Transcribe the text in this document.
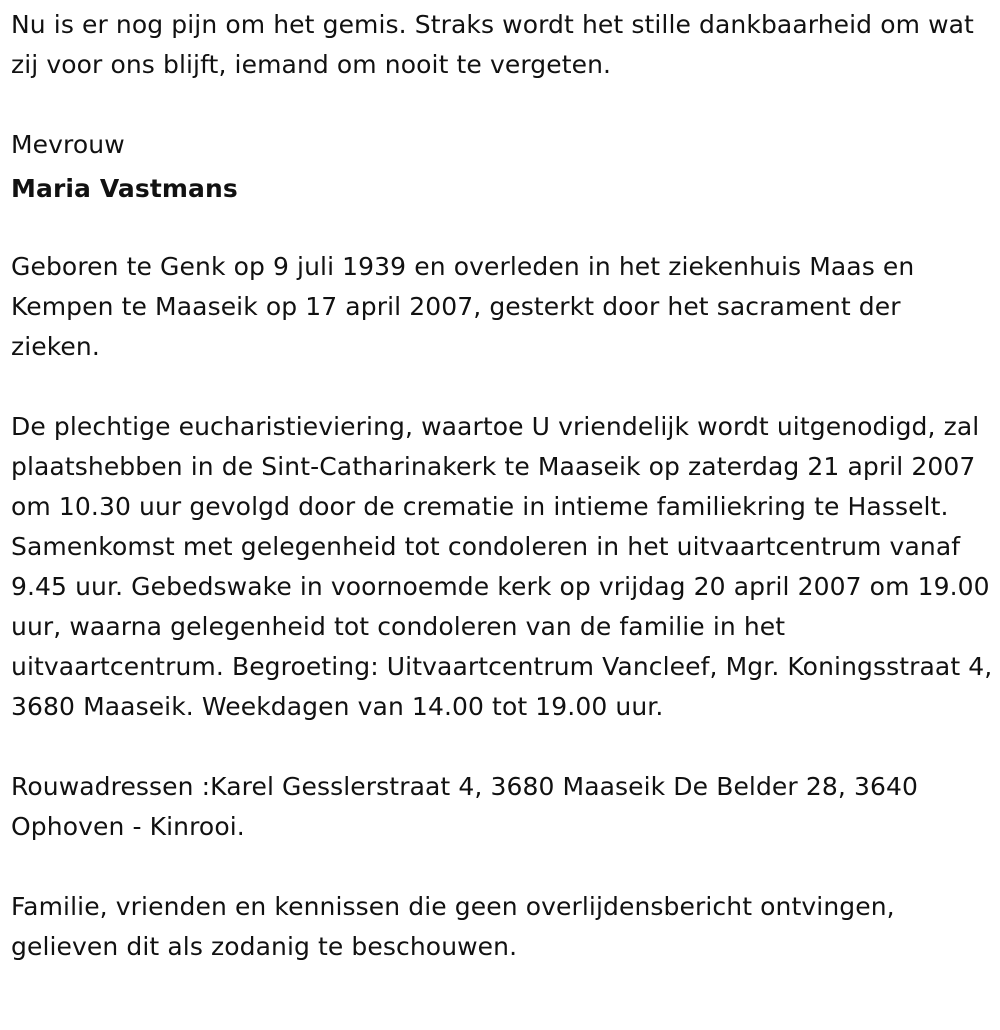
Nu is er nog pijn om het gemis. Straks wordt het stille dankbaarheid om wat zij voor ons blijft, iemand om nooit te vergeten.

Mevrouw

Maria Vastmans

Geboren te Genk op 9 juli 1939 en overleden in het ziekenhuis Maas en Kempen te Maaseik op 17 april 2007, gesterkt door het sacrament der zieken.

De plechtige eucharistieviering, waartoe U vriendelijk wordt uitgenodigd, zal plaatshebben in de Sint-Catharinakerk te Maaseik op zaterdag 21 april 2007 om 10.30 uur gevolgd door de crematie in intieme familiekring te Hasselt. Samenkomst met gelegenheid tot condoleren in het uitvaartcentrum vanaf 9.45 uur. Gebedswake in voornoemde kerk op vrijdag 20 april 2007 om 19.00 uur, waarna gelegenheid tot condoleren van de familie in het uitvaartcentrum. Begroeting: Uitvaartcentrum Vancleef, Mgr. Koningsstraat 4, 3680 Maaseik. Weekdagen van 14.00 tot 19.00 uur.

Rouwadressen :Karel Gesslerstraat 4, 3680 Maaseik De Belder 28, 3640 Ophoven - Kinrooi.

Familie, vrienden en kennissen die geen overlijdensbericht ontvingen, gelieven dit als zodanig te beschouwen.
